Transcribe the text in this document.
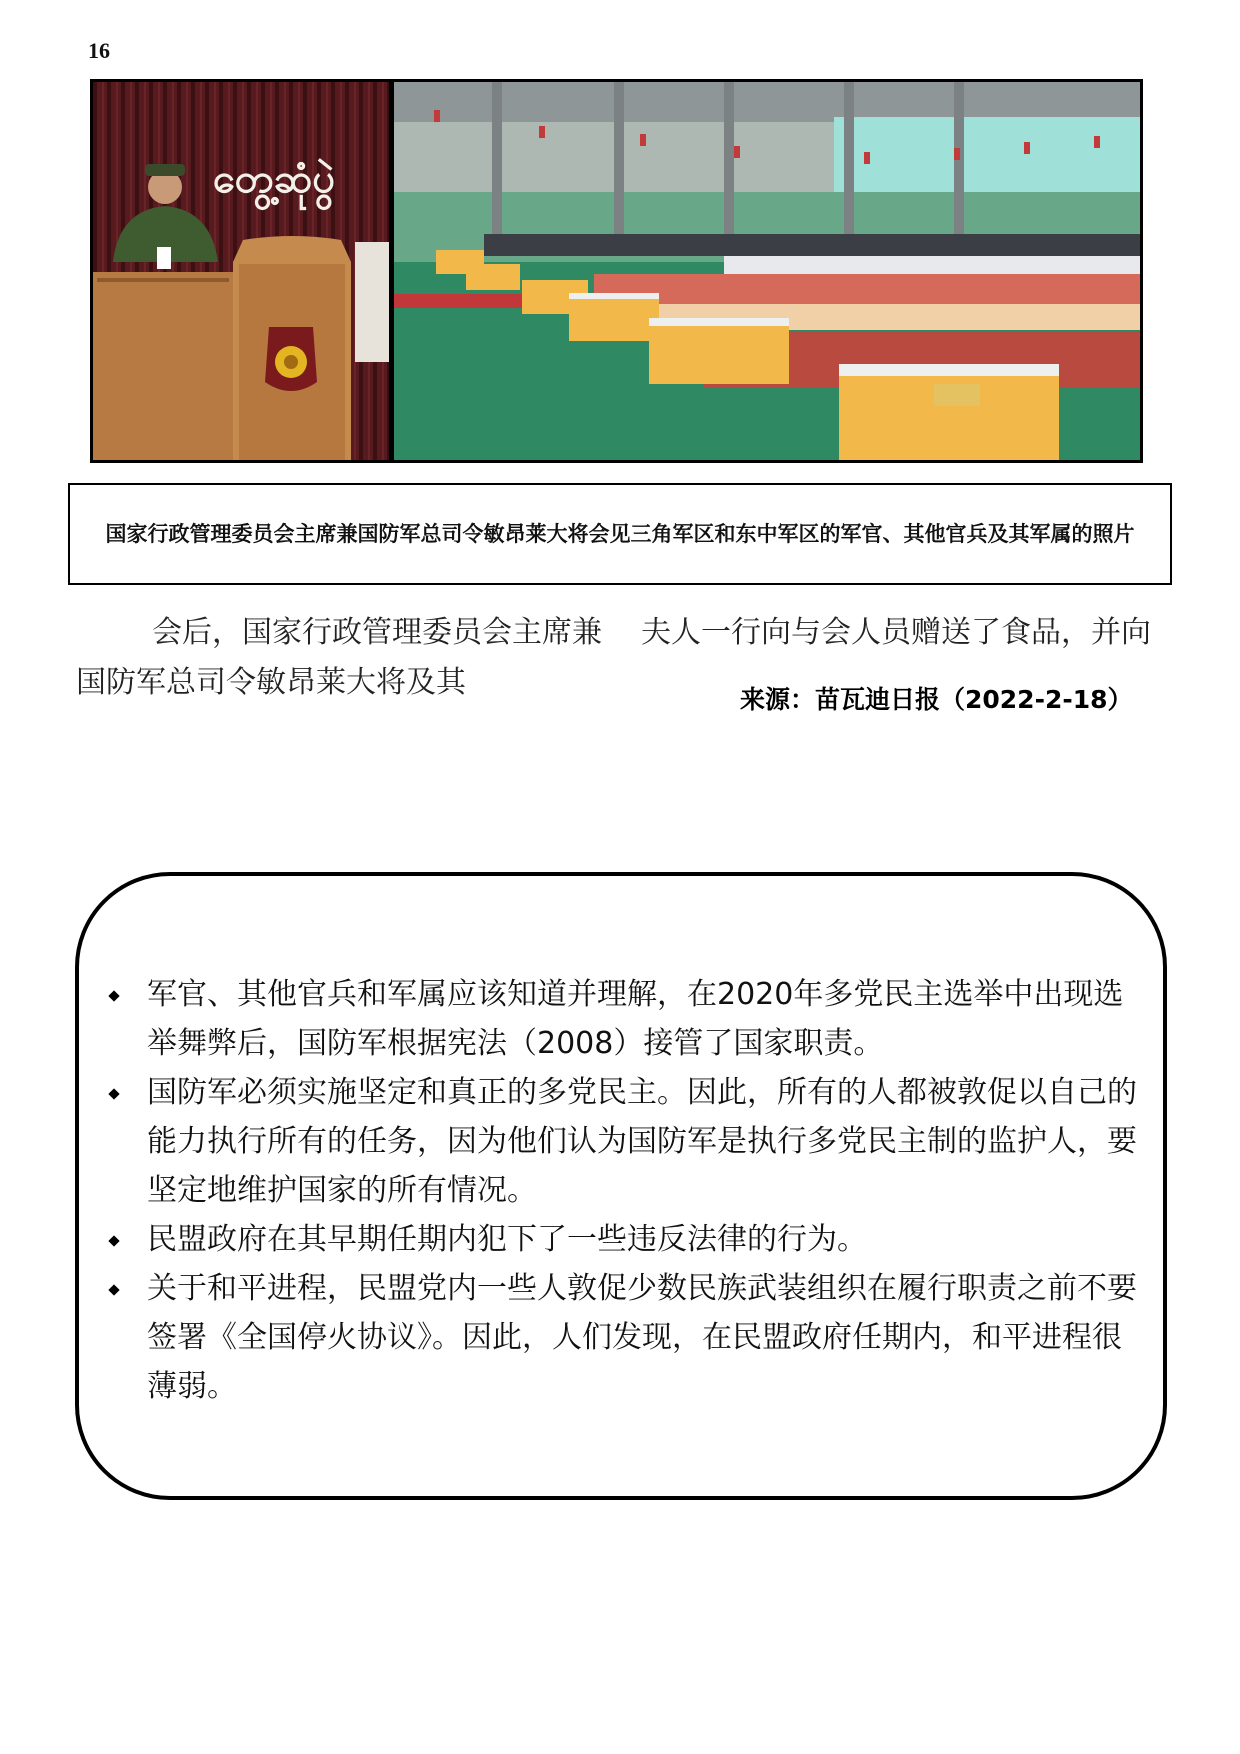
16
တွေ့ဆုံပွဲ
国家行政管理委员会主席兼国防军总司令敏昂莱大将会见三角军区和东中军区的军官、其他官兵及其军属的照片
会后，国家行政管理委员会主席兼国防军总司令敏昂莱大将及其
夫人一行向与会人员赠送了食品，并向
来源：苗瓦迪日报（2022-2-18）
军官、其他官兵和军属应该知道并理解，在2020年多党民主选举中出现选举舞弊后，国防军根据宪法（2008）接管了国家职责。
国防军必须实施坚定和真正的多党民主。因此，所有的人都被敦促以自己的能力执行所有的任务，因为他们认为国防军是执行多党民主制的监护人，要坚定地维护国家的所有情况。
民盟政府在其早期任期内犯下了一些违反法律的行为。
关于和平进程，民盟党内一些人敦促少数民族武装组织在履行职责之前不要签署《全国停火协议》。因此，人们发现，在民盟政府任期内，和平进程很薄弱。
